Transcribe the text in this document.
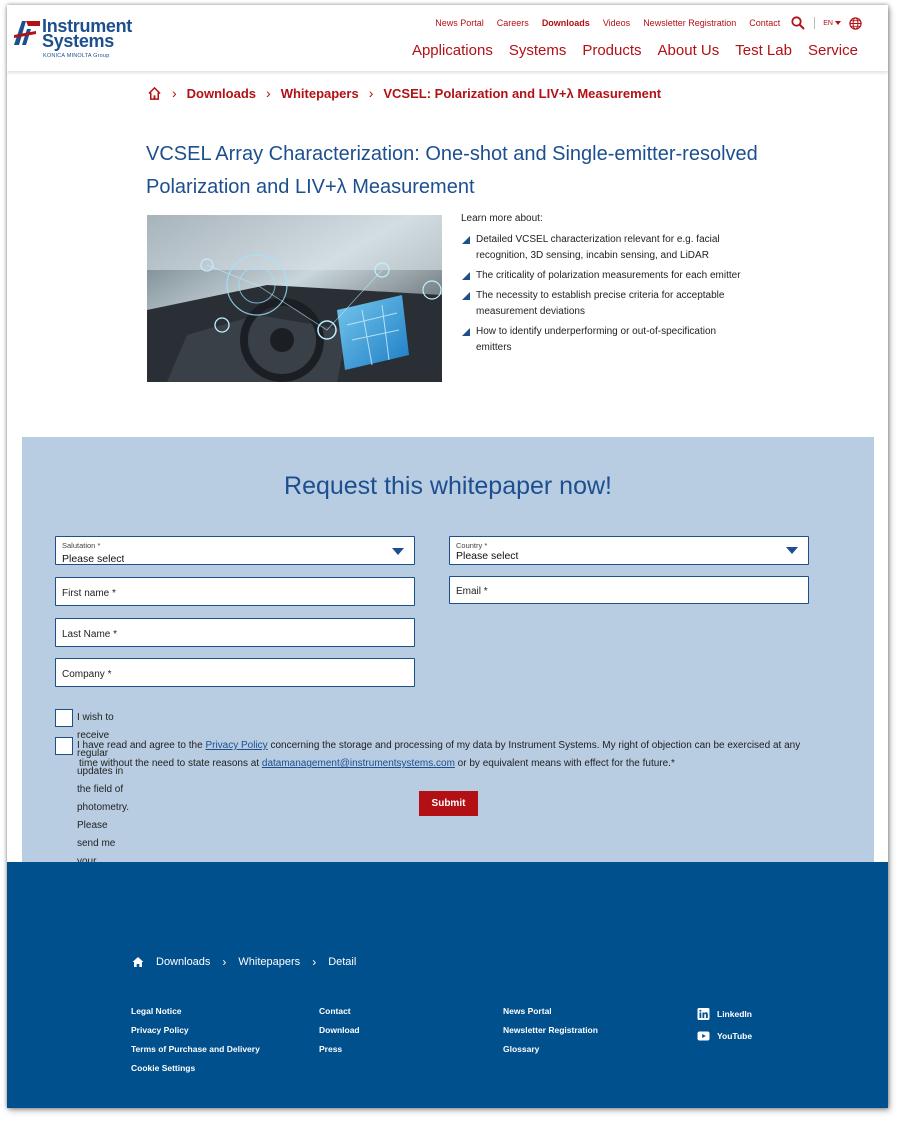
Instrument
Systems
KONICA MINOLTA Group
News Portal Careers Downloads Videos Newsletter Registration Contact	EN
Applications Systems Products About Us Test Lab Service
› Downloads › Whitepapers › VCSEL: Polarization and LIV+λ Measurement
VCSEL Array Characterization: One-shot and Single-emitter-resolved Polarization and LIV+λ Measurement
Learn more about:
Detailed VCSEL characterization relevant for e.g. facial recognition, 3D sensing, incabin sensing, and LiDAR
The criticality of polarization measurements for each emitter
The necessity to establish precise criteria for acceptable measurement deviations
How to identify underperforming or out-of-specification emitters
Request this whitepaper now!
Salutation *
Please select
Country *
Please select
First name *	Email *
Last Name *
Company *
I wish to receive regular updates in the field of photometry. Please send me
I have read and agree to the Privacy Policy concerning the storage and processing of my data by Instrument Systems. My right of objection can be exercised at any
time without the need to state reasons at datamanagement@instrumentsystems.com or by equivalent means with effect for the future.*
Submit
Downloads › Whitepapers › Detail
Legal Notice
Privacy Policy
Terms of Purchase and Delivery
Cookie Settings
Contact
Download
Press
News Portal
Newsletter Registration
Glossary
LinkedIn
YouTube
